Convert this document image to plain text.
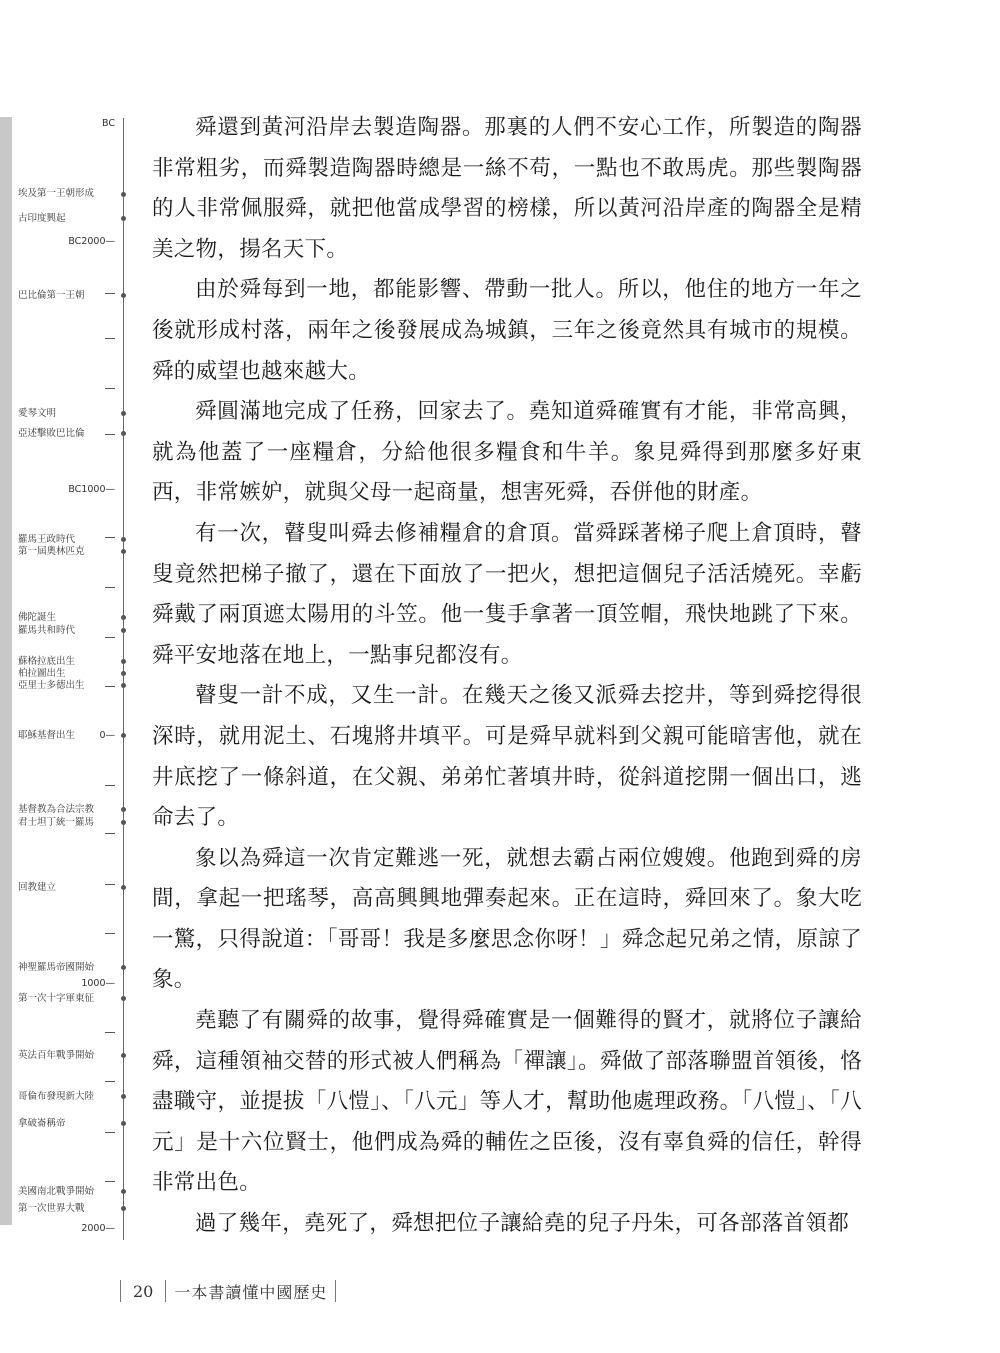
BC
埃及第一王朝形成
古印度興起
BC2000—
巴比倫第一王朝
愛琴文明
亞述擊敗巴比倫
BC1000—
羅馬王政時代
第一屆奧林匹克
佛陀誕生
羅馬共和時代
蘇格拉底出生
柏拉圖出生
亞里士多德出生
耶穌基督出生	0—
基督教為合法宗教
君士坦丁統一羅馬
回教建立
神聖羅馬帝國開始
1000—
第一次十字軍東征
英法百年戰爭開始
哥倫布發現新大陸
拿破崙稱帝
美國南北戰爭開始
第一次世界大戰
2000—

舜還到黃河沿岸去製造陶器。那裏的人們不安心工作，所製造的陶器非常粗劣，而舜製造陶器時總是一絲不苟，一點也不敢馬虎。那些製陶器的人非常佩服舜，就把他當成學習的榜樣，所以黃河沿岸產的陶器全是精美之物，揚名天下。

由於舜每到一地，都能影響、帶動一批人。所以，他住的地方一年之後就形成村落，兩年之後發展成為城鎮，三年之後竟然具有城市的規模。舜的威望也越來越大。

舜圓滿地完成了任務，回家去了。堯知道舜確實有才能，非常高興，就為他蓋了一座糧倉，分給他很多糧食和牛羊。象見舜得到那麼多好東西，非常嫉妒，就與父母一起商量，想害死舜，吞併他的財產。

有一次，瞽叟叫舜去修補糧倉的倉頂。當舜踩著梯子爬上倉頂時，瞽叟竟然把梯子撤了，還在下面放了一把火，想把這個兒子活活燒死。幸虧舜戴了兩頂遮太陽用的斗笠。他一隻手拿著一頂笠帽，飛快地跳了下來。舜平安地落在地上，一點事兒都沒有。

瞽叟一計不成，又生一計。在幾天之後又派舜去挖井，等到舜挖得很深時，就用泥土、石塊將井填平。可是舜早就料到父親可能暗害他，就在井底挖了一條斜道，在父親、弟弟忙著填井時，從斜道挖開一個出口，逃命去了。

象以為舜這一次肯定難逃一死，就想去霸占兩位嫂嫂。他跑到舜的房間，拿起一把瑤琴，高高興興地彈奏起來。正在這時，舜回來了。象大吃一驚，只得說道：「哥哥！我是多麼思念你呀！」舜念起兄弟之情，原諒了象。

堯聽了有關舜的故事，覺得舜確實是一個難得的賢才，就將位子讓給舜，這種領袖交替的形式被人們稱為「禪讓」。舜做了部落聯盟首領後，恪盡職守，並提拔「八愷」、「八元」等人才，幫助他處理政務。「八愷」、「八元」是十六位賢士，他們成為舜的輔佐之臣後，沒有辜負舜的信任，幹得非常出色。

過了幾年，堯死了，舜想把位子讓給堯的兒子丹朱，可各部落首領都

20	一本書讀懂中國歷史
